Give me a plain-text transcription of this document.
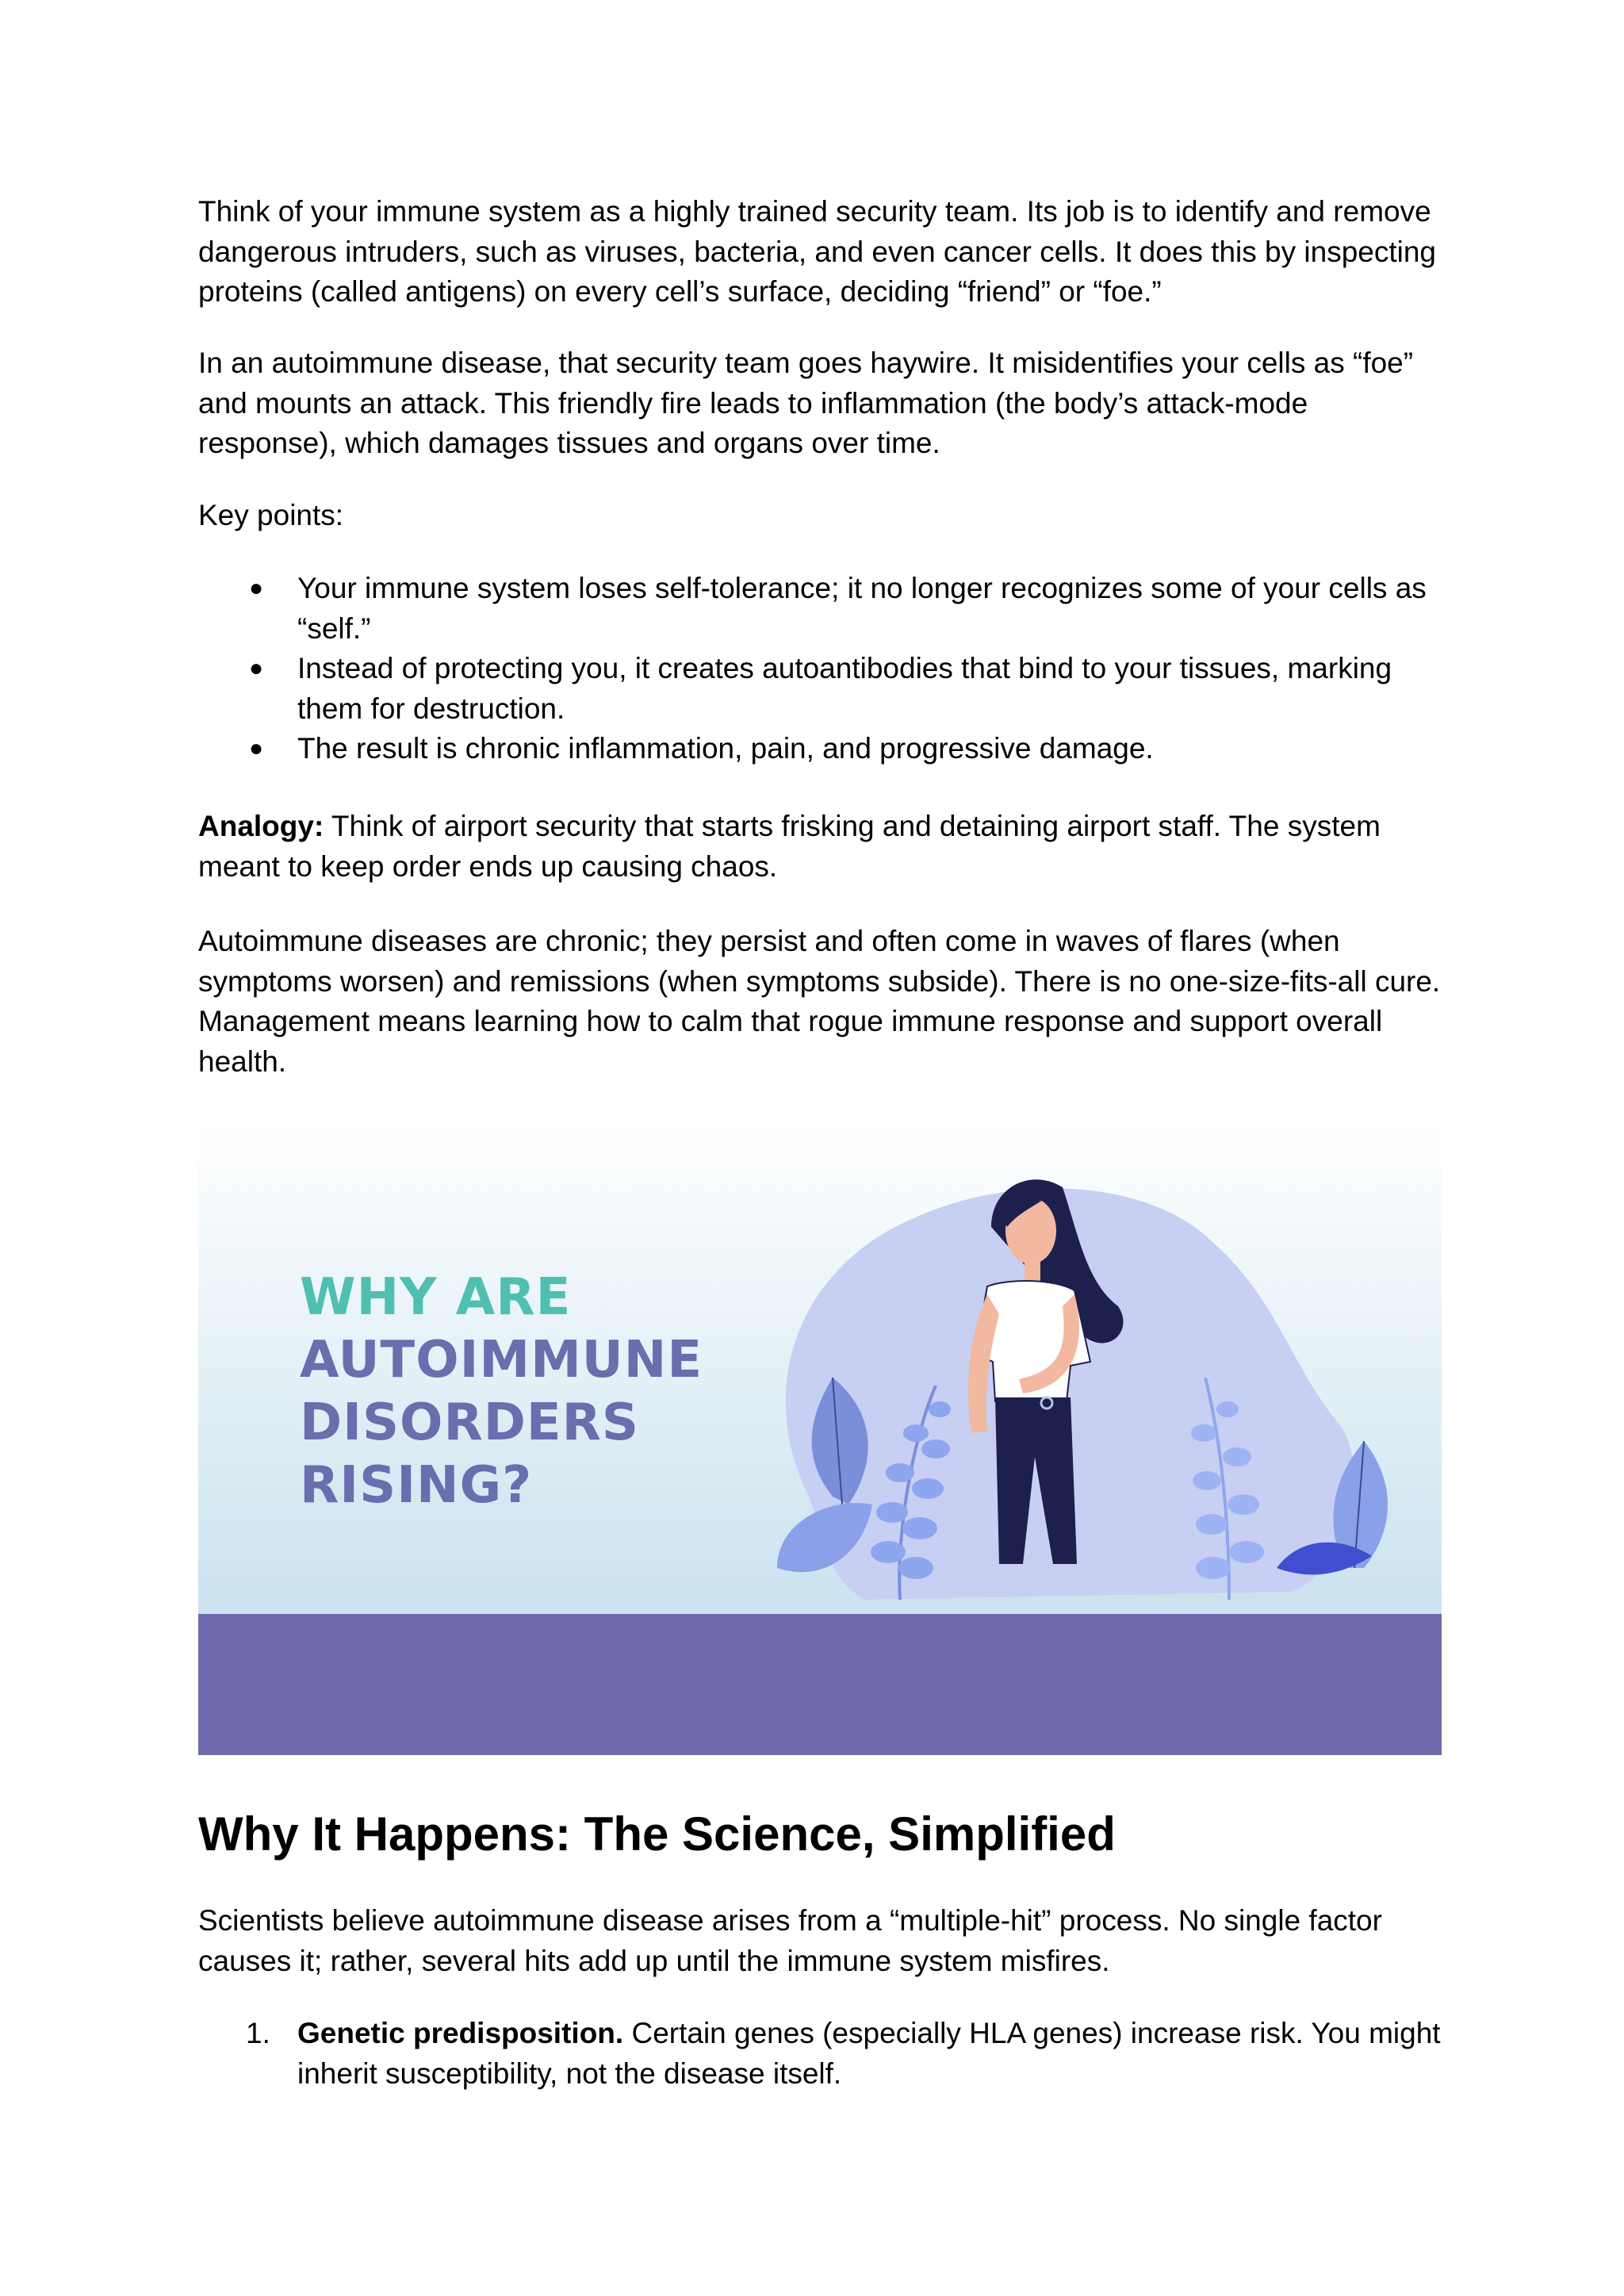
Think of your immune system as a highly trained security team. Its job is to identify and remove dangerous intruders, such as viruses, bacteria, and even cancer cells. It does this by inspecting proteins (called antigens) on every cell’s surface, deciding “friend” or “foe.”

In an autoimmune disease, that security team goes haywire. It misidentifies your cells as “foe” and mounts an attack. This friendly fire leads to inflammation (the body’s attack-mode response), which damages tissues and organs over time.

Key points:

● Your immune system loses self-tolerance; it no longer recognizes some of your cells as “self.”
● Instead of protecting you, it creates autoantibodies that bind to your tissues, marking them for destruction.
● The result is chronic inflammation, pain, and progressive damage.

Analogy: Think of airport security that starts frisking and detaining airport staff. The system meant to keep order ends up causing chaos.

Autoimmune diseases are chronic; they persist and often come in waves of flares (when symptoms worsen) and remissions (when symptoms subside). There is no one-size-fits-all cure. Management means learning how to calm that rogue immune response and support overall health.

WHY ARE
AUTOIMMUNE
DISORDERS
RISING?
Why It Happens: The Science, Simplified

Scientists believe autoimmune disease arises from a “multiple-hit” process. No single factor causes it; rather, several hits add up until the immune system misfires.

1. Genetic predisposition. Certain genes (especially HLA genes) increase risk. You might inherit susceptibility, not the disease itself.
